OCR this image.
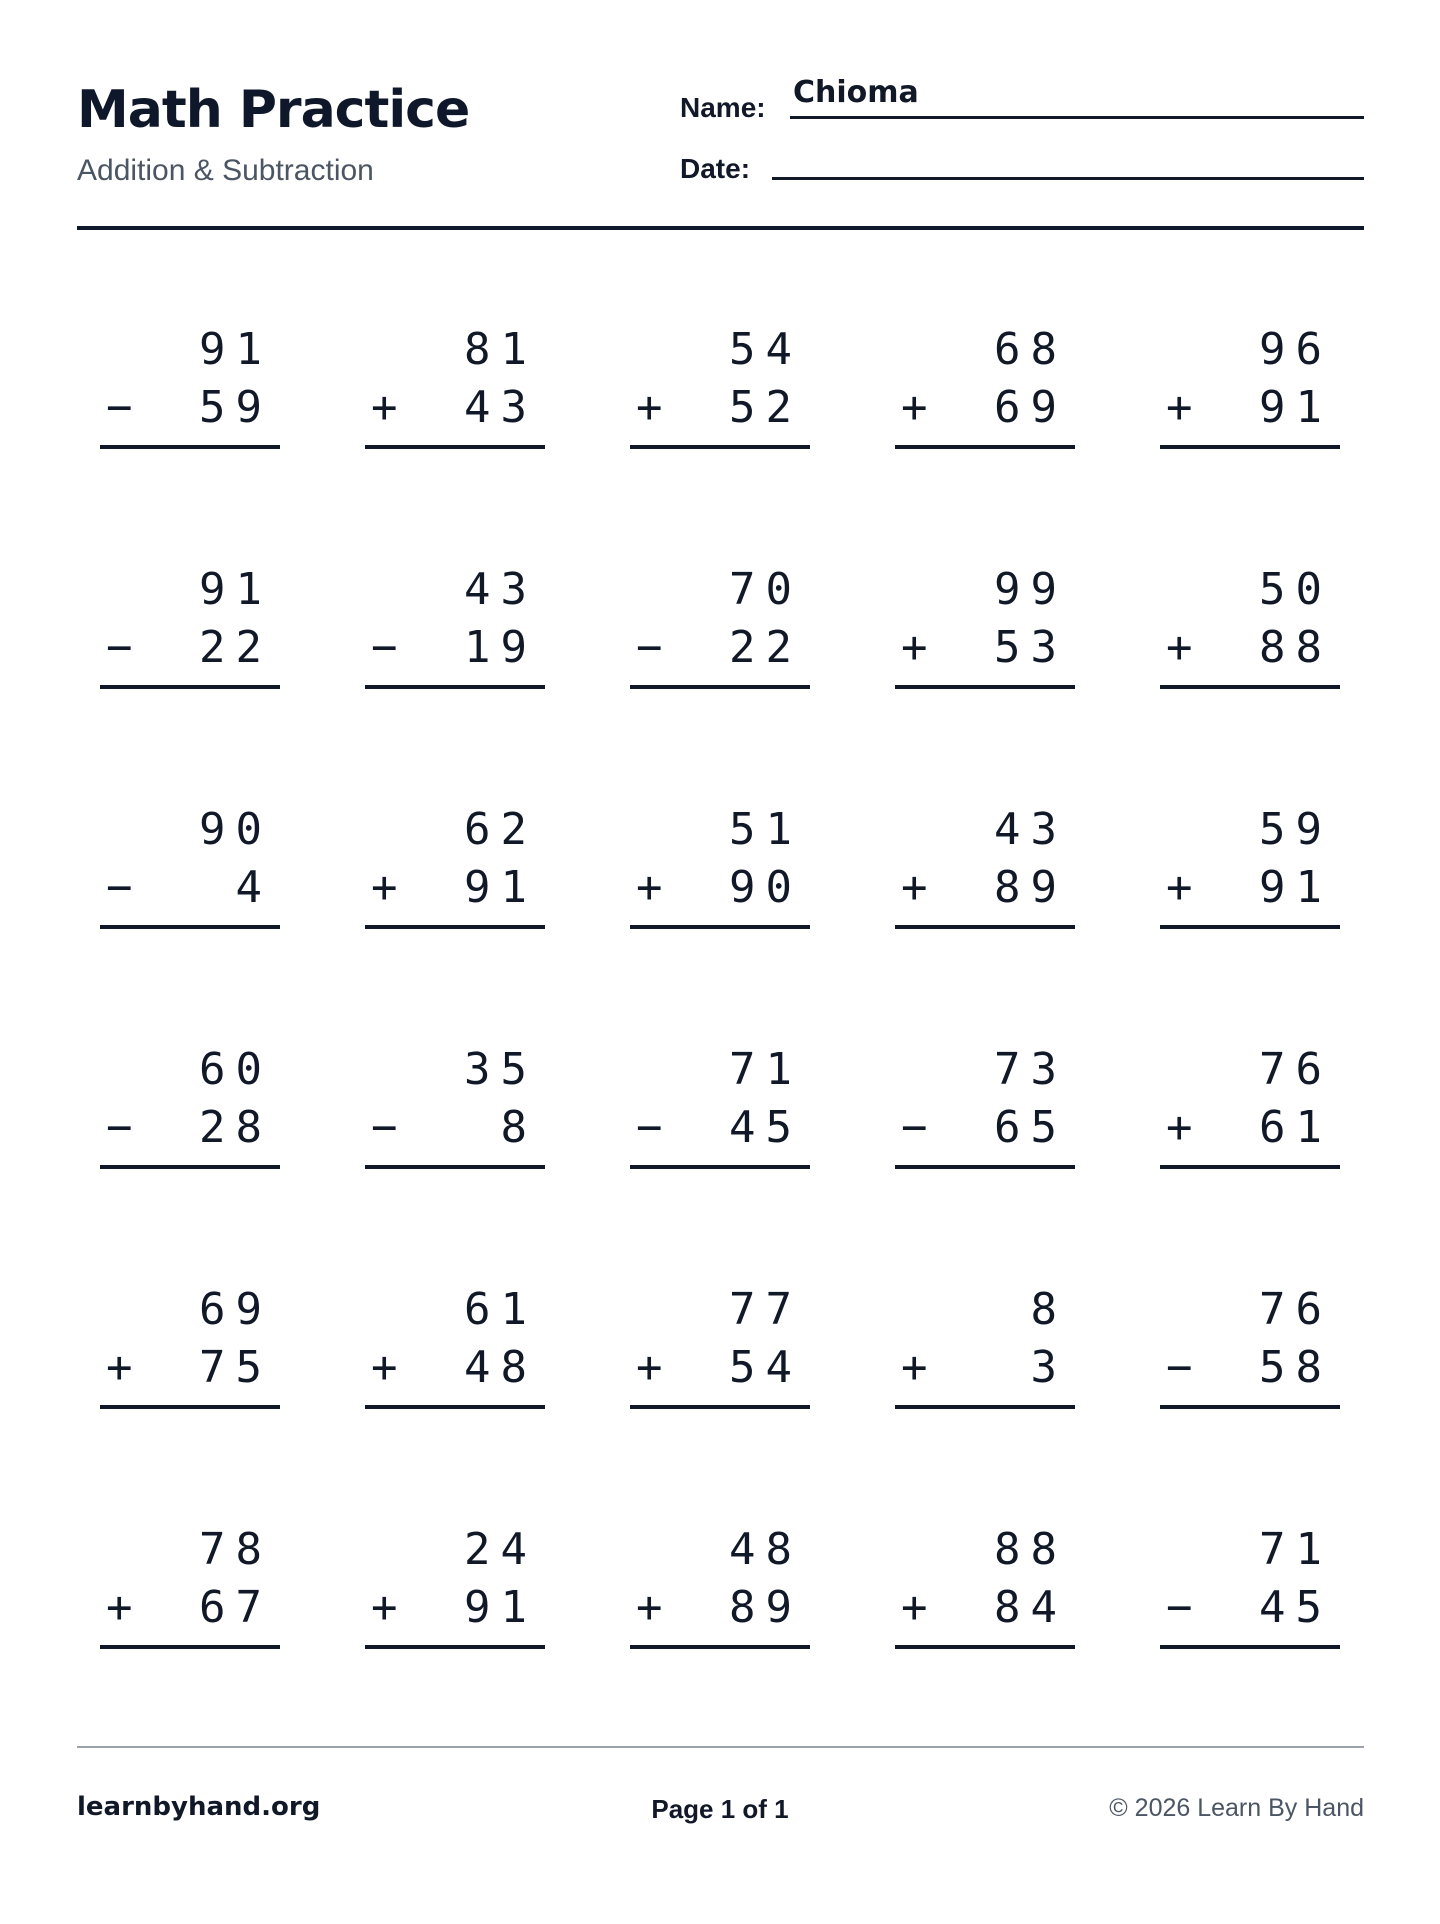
Math Practice
Addition & Subtraction
Name: Chioma
Date:
91
− 59
81
+ 43
54
+ 52
68
+ 69
96
+ 91
91
− 22
43
− 19
70
− 22
99
+ 53
50
+ 88
90
− 4
62
+ 91
51
+ 90
43
+ 89
59
+ 91
60
− 28
35
− 8
71
− 45
73
− 65
76
+ 61
69
+ 75
61
+ 48
77
+ 54
8
+ 3
76
− 58
78
+ 67
24
+ 91
48
+ 89
88
+ 84
71
− 45
learnbyhand.org	Page 1 of 1	© 2026 Learn By Hand
